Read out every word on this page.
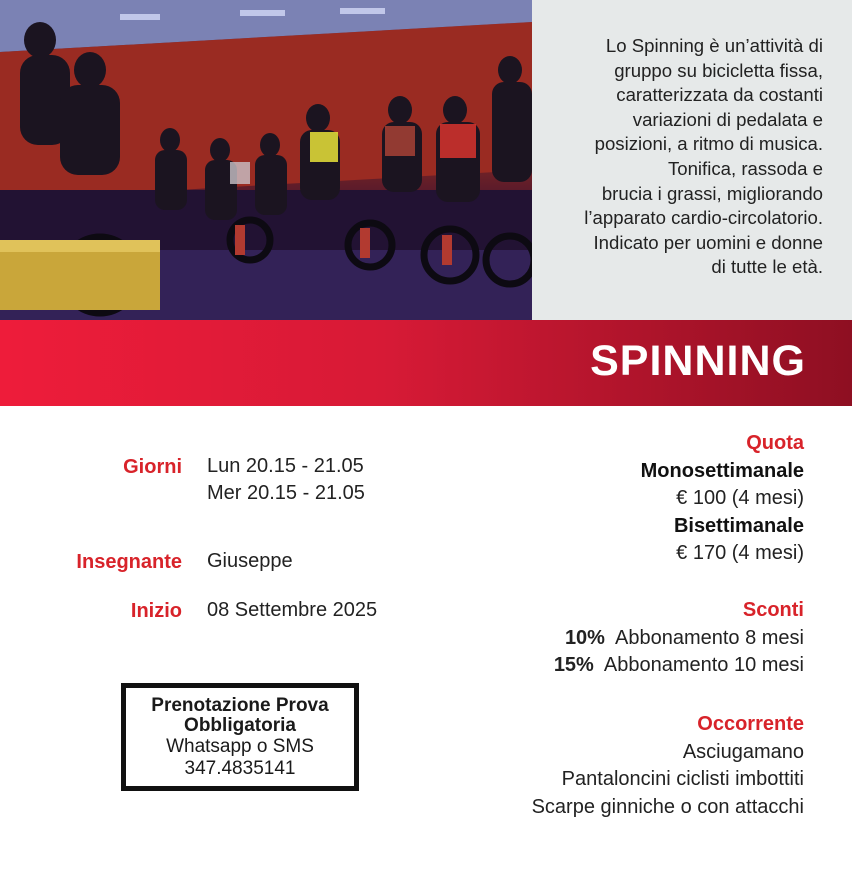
Lo Spinning è un’attività di
gruppo su bicicletta fissa,
caratterizzata da costanti
variazioni di pedalata e
posizioni, a ritmo di musica.
Tonifica, rassoda e
brucia i grassi, migliorando
l’apparato cardio-circolatorio.
Indicato per uomini e donne
di tutte le età.
SPINNING
Giorni Lun 20.15 - 21.05
Mer 20.15 - 21.05
Insegnante Giuseppe
Inizio 08 Settembre 2025
Prenotazione Prova
Obbligatoria
Whatsapp o SMS
347.4835141
Quota
Monosettimanale
€ 100 (4 mesi)
Bisettimanale
€ 170 (4 mesi)
Sconti
10% Abbonamento 8 mesi
15% Abbonamento 10 mesi
Occorrente
Asciugamano
Pantaloncini ciclisti imbottiti
Scarpe ginniche o con attacchi
